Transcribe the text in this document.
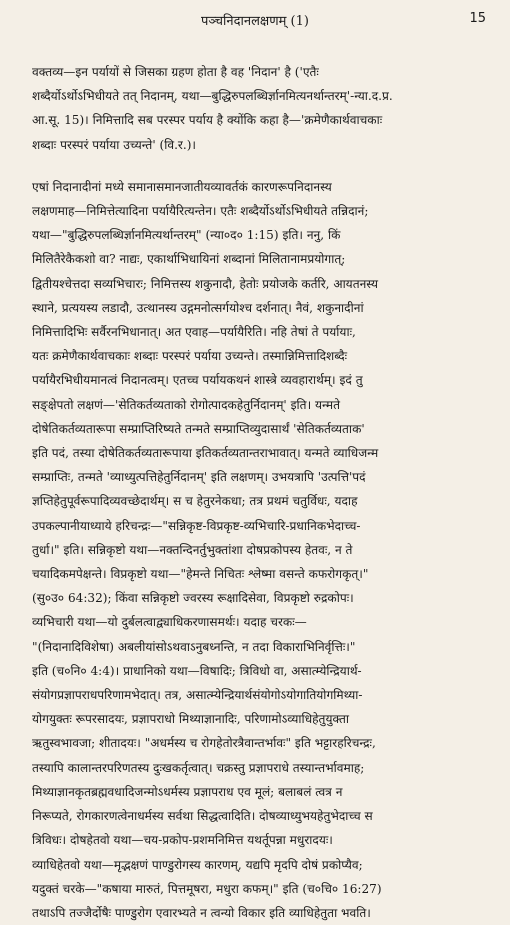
पञ्चनिदानलक्षणम् (1)	15
वक्तव्य—इन पर्यायों से जिसका ग्रहण होता है वह 'निदान' है ('एतैः
शब्दैर्योऽर्थोऽभिधीयते तत् निदानम्, यथा—बुद्धिरुपलब्धिर्ज्ञानमित्यनर्थान्तरम्'-न्या.द.प्र.
आ.सू. 15)। निमित्तादि सब परस्पर पर्याय है क्योंकि कहा है—'क्रमेणैकार्थवाचकाः
शब्दाः परस्परं पर्याया उच्यन्ते' (वि.र.)।
एषां निदानादीनां मध्ये समानासमानजातीयव्यावर्तकं कारणरूपनिदानस्य
लक्षणमाह—निमित्तेत्यादिना पर्यायैरित्यन्तेन। एतैः शब्दैर्योऽर्थोऽभिधीयते तन्निदानं;
यथा—"बुद्धिरुपलब्धिर्ज्ञानमित्यर्थान्तरम्" (न्या०द० 1:15) इति। ननु, किं
मिलितैरेकैकशो वा? नाद्यः, एकार्थाभिधायिनां शब्दानां मिलितानामप्रयोगात्;
द्वितीयश्चेत्तदा सव्यभिचारः; निमित्तस्य शकुनादौ, हेतोः प्रयोजके कर्तरि, आयतनस्य
स्थाने, प्रत्ययस्य लडादौ, उत्थानस्य उद्गमनोत्सर्गयोश्च दर्शनात्। नैवं, शकुनादीनां
निमित्तादिभिः सर्वैरनभिधानात्। अत एवाह—पर्यायैरिति। नहि तेषां ते पर्यायाः,
यतः क्रमेणैकार्थवाचकाः शब्दाः परस्परं पर्याया उच्यन्ते। तस्मान्निमित्तादिशब्दैः
पर्यायैरभिधीयमानत्वं निदानत्वम्। एतच्च पर्यायकथनं शास्त्रे व्यवहारार्थम्। इदं तु
सङ्क्षेपतो लक्षणं—'सेतिकर्तव्यताको रोगोत्पादकहेतुर्निदानम्' इति। यन्मते
दोषेतिकर्तव्यतारूपा सम्प्राप्तिरिष्यते तन्मते सम्प्राप्तिव्युदासार्थं 'सेतिकर्तव्यताक'
इति पदं, तस्या दोषेतिकर्तव्यतारूपाया इतिकर्तव्यतान्तराभावात्। यन्मते व्याधिजन्म
सम्प्राप्तिः, तन्मते 'व्याध्युत्पत्तिहेतुर्निदानम्' इति लक्षणम्। उभयत्रापि 'उत्पत्ति'पदं
ज्ञप्तिहेतुपूर्वरूपादिव्यवच्छेदार्थम्। स च हेतुरनेकधा; तत्र प्रथमं चतुर्विधः, यदाह
उपकल्पानीयाध्याये हरिचन्द्रः—"सन्निकृष्ट-विप्रकृष्ट-व्यभिचारि-प्रधानिकभेदाच्च-
तुर्धा।" इति। सन्निकृष्टो यथा—नक्तन्दिनर्तुभुक्तांशा दोषप्रकोपस्य हेतवः, न ते
चयादिकमपेक्षन्ते। विप्रकृष्टो यथा—"हेमन्ते निचितः श्लेष्मा वसन्ते कफरोगकृत्।"
(सु०उ० 64:32); किंवा सन्निकृष्टो ज्वरस्य रूक्षादिसेवा, विप्रकृष्टो रुद्रकोपः।
व्यभिचारी यथा—यो दुर्बलत्वाद्व्याधिकरणासमर्थः। यदाह चरकः—
"(निदानादिविशेषा) अबलीयांसोऽथवाऽनुबध्नन्ति, न तदा विकाराभिनिर्वृत्तिः।"
इति (च०नि० 4:4)। प्राधानिको यथा—विषादिः; त्रिविधो वा, असात्म्येन्द्रियार्थ-
संयोगप्रज्ञापराधपरिणामभेदात्। तत्र, असात्म्येन्द्रियार्थसंयोगोऽयोगातियोगमिथ्या-
योगयुक्तः रूपरसादयः, प्रज्ञापराधो मिथ्याज्ञानादिः, परिणामोऽव्याधिहेतुयुक्ता
ऋतुस्वभावजा; शीतादयः। "अधर्मस्य च रोगहेतोरत्रैवान्तर्भावः" इति भट्टारहरिचन्द्रः,
तस्यापि कालान्तरपरिणतस्य दुःखकर्तृत्वात्। चक्रस्तु प्रज्ञापराधे तस्यान्तर्भावमाह;
मिथ्याज्ञानकृतब्रह्मवधादिजन्मोऽधर्मस्य प्रज्ञापराध एव मूलं; बलाबलं त्वत्र न
निरूप्यते, रोगकारणत्वेनाधर्मस्य सर्वथा सिद्धत्वादिति। दोषव्याध्युभयहेतुभेदाच्च स
त्रिविधः। दोषहेतवो यथा—चय-प्रकोप-प्रशमनिमित्त यथर्तूपन्ना मधुरादयः।
व्याधिहेतवो यथा—मृद्भक्षणं पाण्डुरोगस्य कारणम्, यद्यपि मृदपि दोषं प्रकोप्यैव;
यदुक्तं चरके—"कषाया मारुतं, पित्तमूषरा, मधुरा कफम्।" इति (च०चि० 16:27)
तथाऽपि तज्जैर्दोषैः पाण्डुरोग एवारभ्यते न त्वन्यो विकार इति व्याधिहेतुता भवति।
